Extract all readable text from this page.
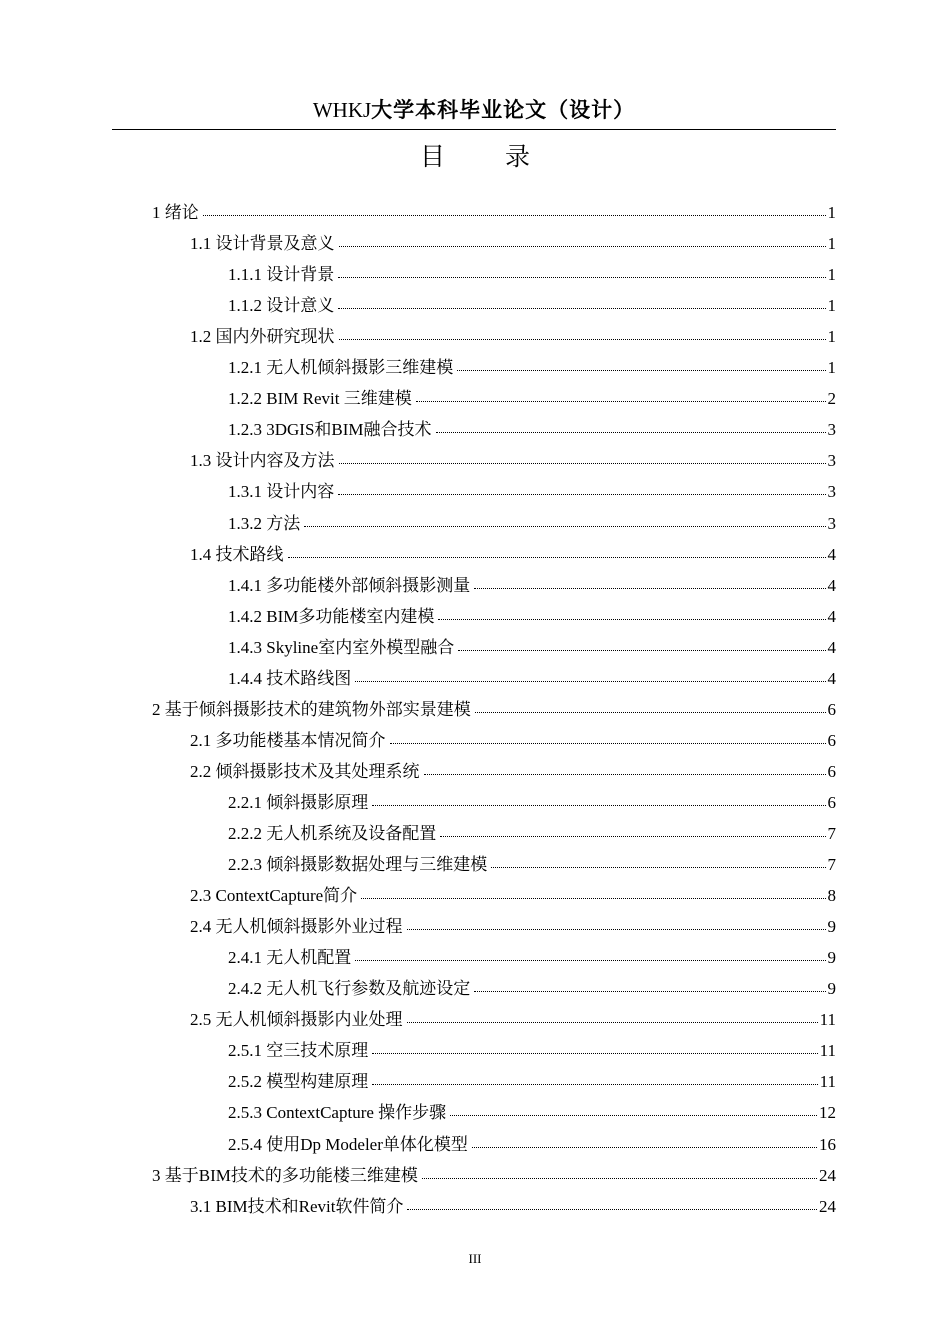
WHKJ大学本科毕业论文（设计）
目 录
1 绪论	1
1.1 设计背景及意义	1
1.1.1 设计背景	1
1.1.2 设计意义	1
1.2 国内外研究现状	1
1.2.1 无人机倾斜摄影三维建模	1
1.2.2 BIM Revit 三维建模	2
1.2.3 3DGIS和BIM融合技术	3
1.3 设计内容及方法	3
1.3.1 设计内容	3
1.3.2 方法	3
1.4 技术路线	4
1.4.1 多功能楼外部倾斜摄影测量	4
1.4.2 BIM多功能楼室内建模	4
1.4.3 Skyline室内室外模型融合	4
1.4.4 技术路线图	4
2 基于倾斜摄影技术的建筑物外部实景建模	6
2.1 多功能楼基本情况简介	6
2.2 倾斜摄影技术及其处理系统	6
2.2.1 倾斜摄影原理	6
2.2.2 无人机系统及设备配置	7
2.2.3 倾斜摄影数据处理与三维建模	7
2.3 ContextCapture简介	8
2.4 无人机倾斜摄影外业过程	9
2.4.1 无人机配置	9
2.4.2 无人机飞行参数及航迹设定	9
2.5 无人机倾斜摄影内业处理	11
2.5.1 空三技术原理	11
2.5.2 模型构建原理	11
2.5.3 ContextCapture 操作步骤	12
2.5.4 使用Dp Modeler单体化模型	16
3 基于BIM技术的多功能楼三维建模	24
3.1 BIM技术和Revit软件简介	24
III
